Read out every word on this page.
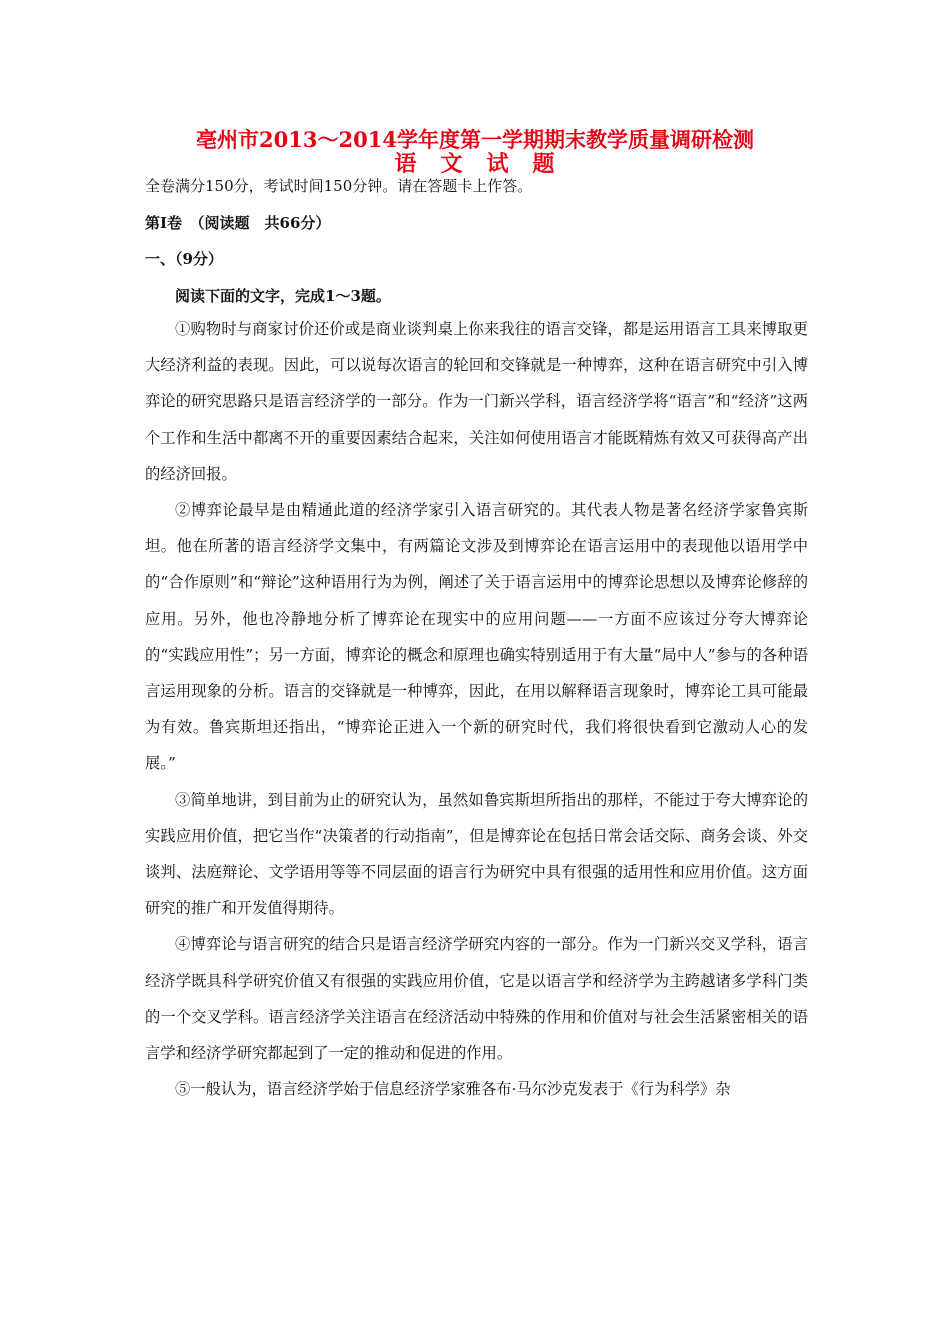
亳州市2013～2014学年度第一学期期末教学质量调研检测
语　文　试　题
全卷满分150分，考试时间150分钟。请在答题卡上作答。
第Ⅰ卷　（阅读题　共66分）
一、（9分）
阅读下面的文字，完成1～3题。

①购物时与商家讨价还价或是商业谈判桌上你来我往的语言交锋，都是运用语言工具来博取更大经济利益的表现。因此，可以说每次语言的轮回和交锋就是一种博弈，这种在语言研究中引入博弈论的研究思路只是语言经济学的一部分。作为一门新兴学科，语言经济学将“语言”和“经济”这两个工作和生活中都离不开的重要因素结合起来，关注如何使用语言才能既精炼有效又可获得高产出的经济回报。

②博弈论最早是由精通此道的经济学家引入语言研究的。其代表人物是著名经济学家鲁宾斯坦。他在所著的语言经济学文集中，有两篇论文涉及到博弈论在语言运用中的表现他以语用学中的“合作原则”和“辩论”这种语用行为为例，阐述了关于语言运用中的博弈论思想以及博弈论修辞的应用。另外，他也冷静地分析了博弈论在现实中的应用问题——一方面不应该过分夸大博弈论的“实践应用性”；另一方面，博弈论的概念和原理也确实特别适用于有大量“局中人”参与的各种语言运用现象的分析。语言的交锋就是一种博弈，因此，在用以解释语言现象时，博弈论工具可能最为有效。鲁宾斯坦还指出，“博弈论正进入一个新的研究时代，我们将很快看到它激动人心的发展。”

③简单地讲，到目前为止的研究认为，虽然如鲁宾斯坦所指出的那样，不能过于夸大博弈论的实践应用价值，把它当作“决策者的行动指南”，但是博弈论在包括日常会话交际、商务会谈、外交谈判、法庭辩论、文学语用等等不同层面的语言行为研究中具有很强的适用性和应用价值。这方面研究的推广和开发值得期待。

④博弈论与语言研究的结合只是语言经济学研究内容的一部分。作为一门新兴交叉学科，语言经济学既具科学研究价值又有很强的实践应用价值，它是以语言学和经济学为主跨越诸多学科门类的一个交叉学科。语言经济学关注语言在经济活动中特殊的作用和价值对与社会生活紧密相关的语言学和经济学研究都起到了一定的推动和促进的作用。

⑤一般认为，语言经济学始于信息经济学家雅各布·马尔沙克发表于《行为科学》杂
